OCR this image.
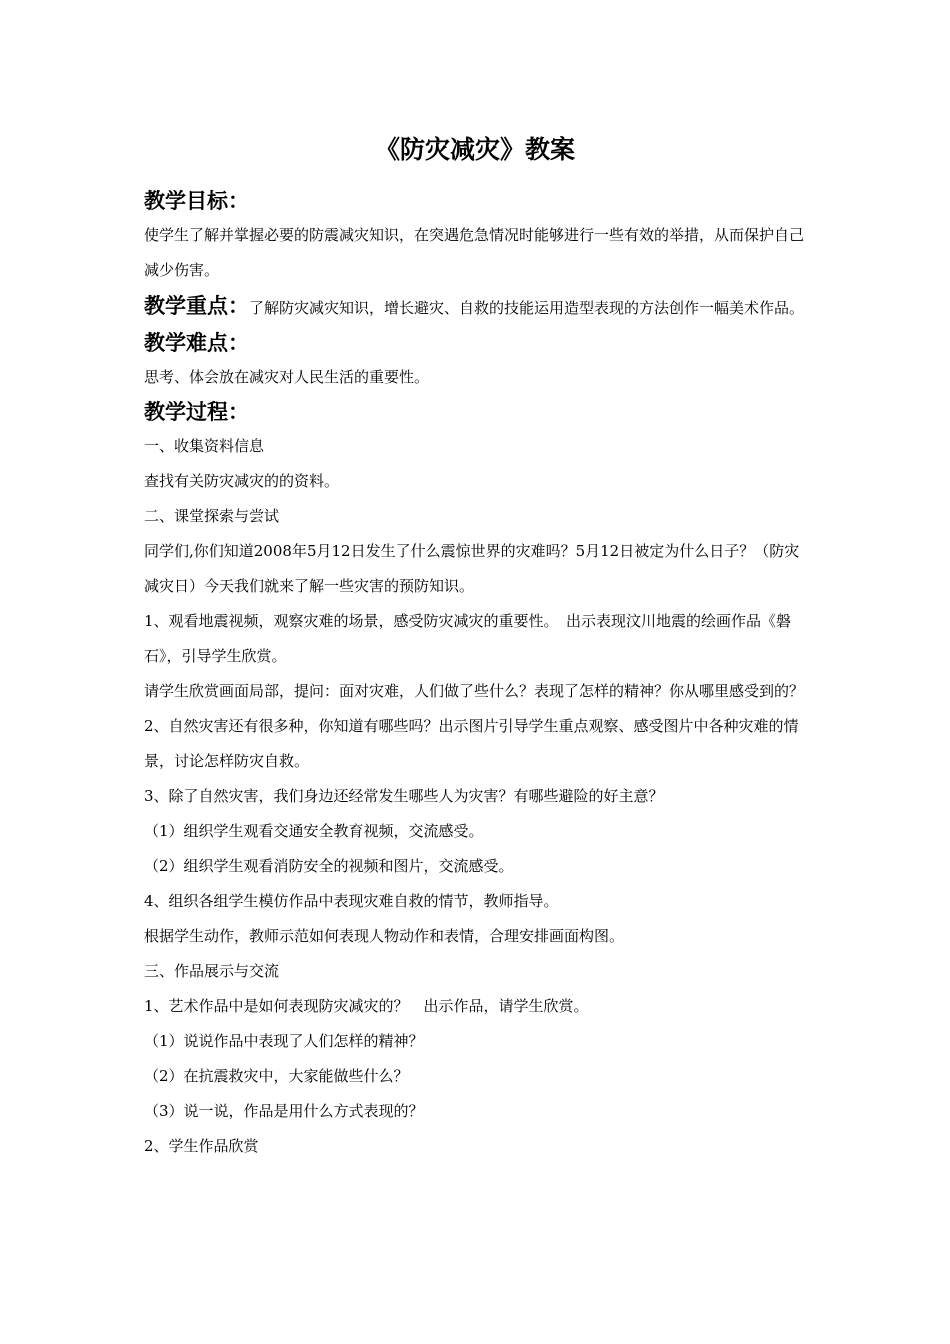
《防灾减灾》教案

教学目标：

使学生了解并掌握必要的防震减灾知识，在突遇危急情况时能够进行一些有效的举措，从而保护自己减少伤害。

教学重点：了解防灾减灾知识，增长避灾、自救的技能运用造型表现的方法创作一幅美术作品。

教学难点：

思考、体会放在减灾对人民生活的重要性。

教学过程：

一、收集资料信息

查找有关防灾减灾的的资料。

二、课堂探索与尝试

同学们,你们知道2008年5月12日发生了什么震惊世界的灾难吗？5月12日被定为什么日子？（防灾减灾日）今天我们就来了解一些灾害的预防知识。

1、观看地震视频，观察灾难的场景，感受防灾减灾的重要性。　出示表现汶川地震的绘画作品《磐石》，引导学生欣赏。

请学生欣赏画面局部，提问：面对灾难，人们做了些什么？表现了怎样的精神？你从哪里感受到的？

2、自然灾害还有很多种，你知道有哪些吗？出示图片引导学生重点观察、感受图片中各种灾难的情景，讨论怎样防灾自救。

3、除了自然灾害，我们身边还经常发生哪些人为灾害？有哪些避险的好主意？

（1）组织学生观看交通安全教育视频，交流感受。

（2）组织学生观看消防安全的视频和图片，交流感受。

4、组织各组学生模仿作品中表现灾难自救的情节，教师指导。

根据学生动作，教师示范如何表现人物动作和表情，合理安排画面构图。

三、作品展示与交流

1、艺术作品中是如何表现防灾减灾的？　出示作品，请学生欣赏。

（1）说说作品中表现了人们怎样的精神？

（2）在抗震救灾中，大家能做些什么？

（3）说一说，作品是用什么方式表现的？

2、学生作品欣赏
